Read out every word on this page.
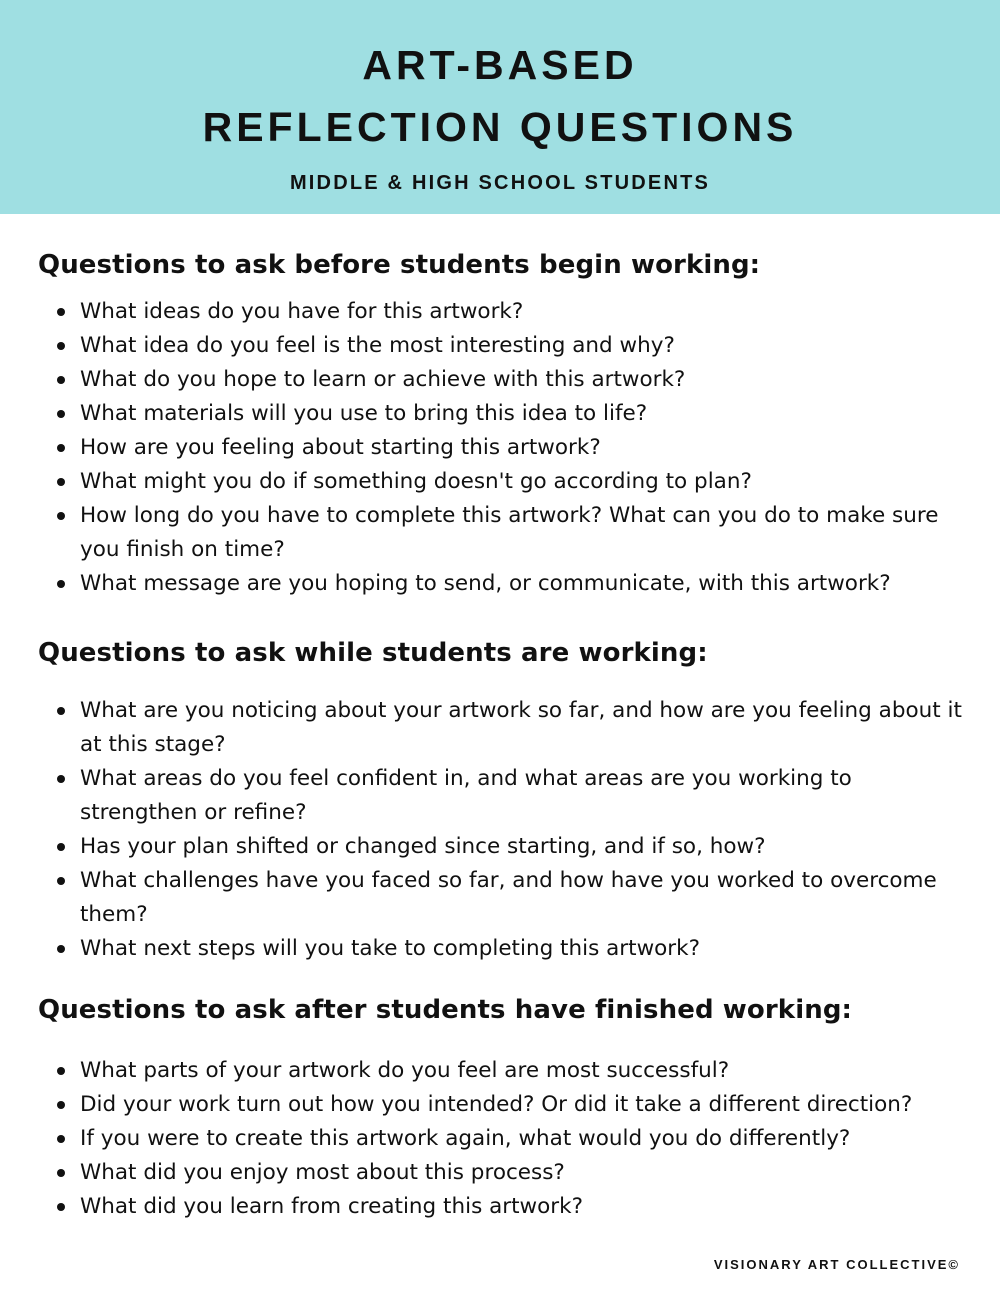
ART-BASED
REFLECTION QUESTIONS
MIDDLE & HIGH SCHOOL STUDENTS
Questions to ask before students begin working:
What ideas do you have for this artwork?
What idea do you feel is the most interesting and why?
What do you hope to learn or achieve with this artwork?
What materials will you use to bring this idea to life?
How are you feeling about starting this artwork?
What might you do if something doesn't go according to plan?
How long do you have to complete this artwork? What can you do to make sure you finish on time?
What message are you hoping to send, or communicate, with this artwork?
Questions to ask while students are working:
What are you noticing about your artwork so far, and how are you feeling about it at this stage?
What areas do you feel confident in, and what areas are you working to strengthen or refine?
Has your plan shifted or changed since starting, and if so, how?
What challenges have you faced so far, and how have you worked to overcome them?
What next steps will you take to completing this artwork?
Questions to ask after students have finished working:
What parts of your artwork do you feel are most successful?
Did your work turn out how you intended? Or did it take a different direction?
If you were to create this artwork again, what would you do differently?
What did you enjoy most about this process?
What did you learn from creating this artwork?
VISIONARY ART COLLECTIVE©
